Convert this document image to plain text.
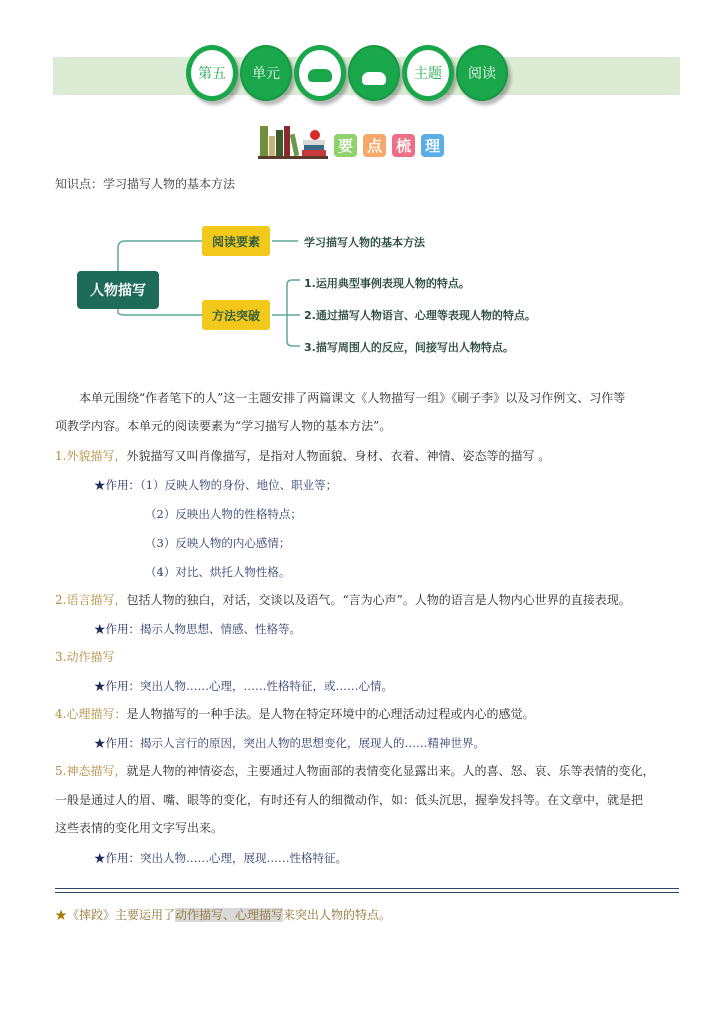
第五 单元	主题 阅读
要 点 梳 理
知识点：学习描写人物的基本方法
人物描写
阅读要素
方法突破
学习描写人物的基本方法
1.运用典型事例表现人物的特点。
2.通过描写人物语言、心理等表现人物的特点。
3.描写周围人的反应，间接写出人物特点。
本单元围绕“作者笔下的人”这一主题安排了两篇课文《人物描写一组》《刷子李》以及习作例文、习作等
项教学内容。本单元的阅读要素为“学习描写人物的基本方法”。
1.外貌描写，外貌描写又叫肖像描写，是指对人物面貌、身材、衣着、神情、姿态等的描写 。
★作用：（1）反映人物的身份、地位、职业等；
（2）反映出人物的性格特点；
（3）反映人物的内心感情；
（4）对比、烘托人物性格。
2.语言描写，包括人物的独白，对话，交谈以及语气。“言为心声”。人物的语言是人物内心世界的直接表现。
★作用：揭示人物思想、情感、性格等。
3.动作描写
★作用：突出人物……心理，……性格特征，或……心情。
4.心理描写：是人物描写的一种手法。是人物在特定环境中的心理活动过程或内心的感觉。
★作用：揭示人言行的原因，突出人物的思想变化，展现人的……精神世界。
5.神态描写，就是人物的神情姿态，主要通过人物面部的表情变化显露出来。人的喜、怒、哀、乐等表情的变化，
一般是通过人的眉、嘴、眼等的变化，有时还有人的细微动作，如：低头沉思，握拳发抖等。在文章中，就是把
这些表情的变化用文字写出来。
★作用：突出人物……心理，展现……性格特征。
★《摔跤》主要运用了动作描写、心理描写来突出人物的特点。
